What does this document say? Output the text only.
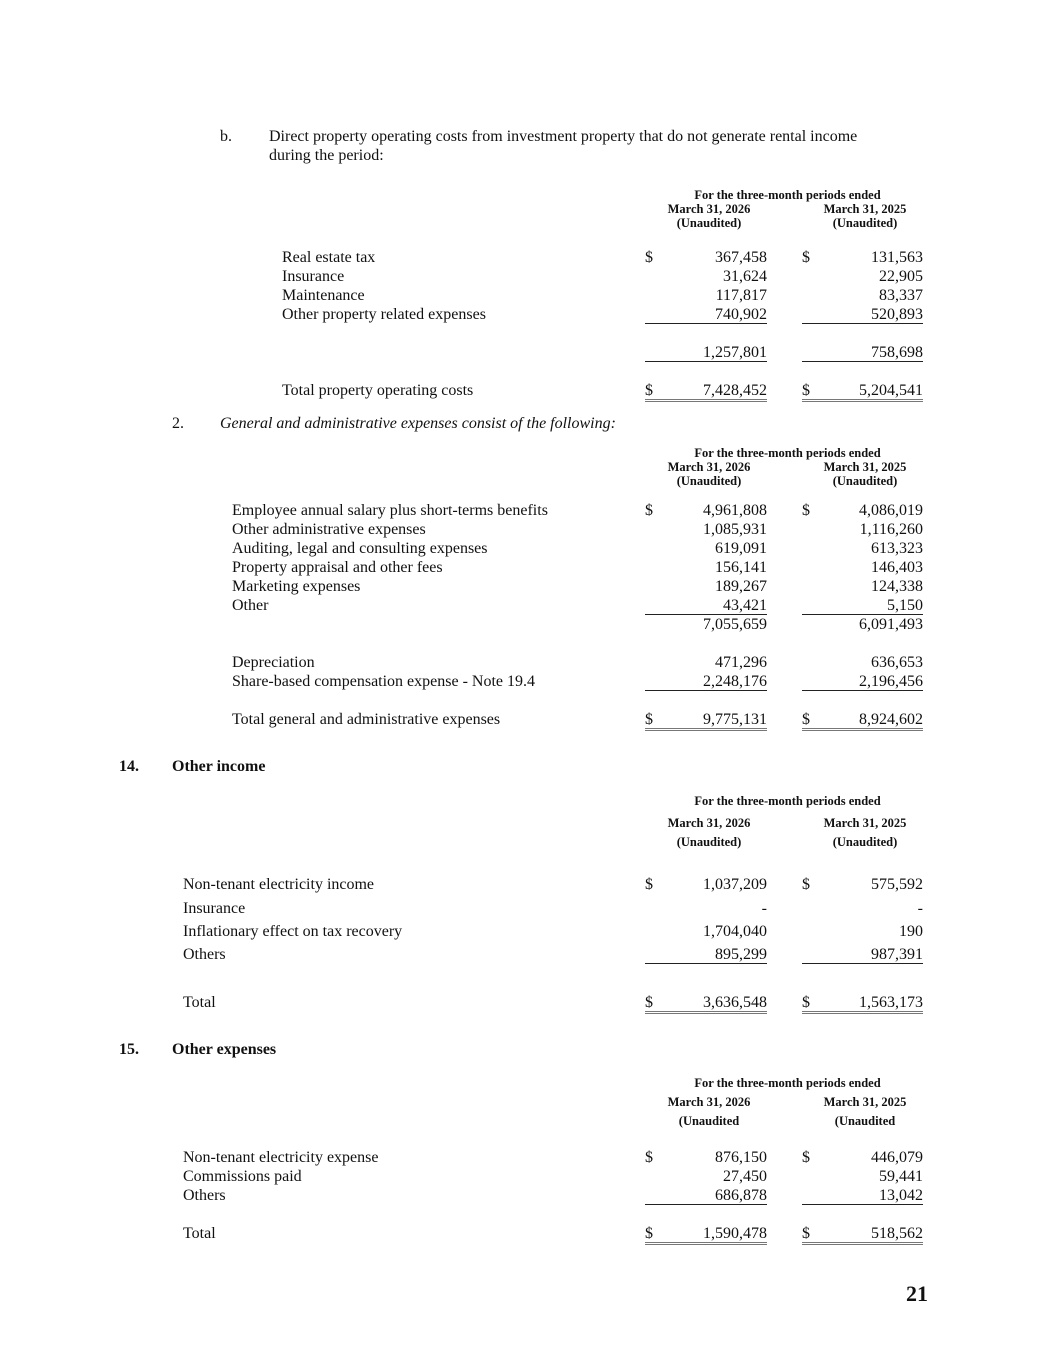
b. Direct property operating costs from investment property that do not generate rental income
during the period:
For the three-month periods ended
March 31, 2026	March 31, 2025
(Unaudited)	(Unaudited)
Real estate tax	$	367,458 $	131,563
Insurance	31,624	22,905
Maintenance	117,817	83,337
Other property related expenses	740,902	520,893
1,257,801	758,698
Total property operating costs	$	7,428,452 $	5,204,541
2. General and administrative expenses consist of the following:
For the three-month periods ended
March 31, 2026	March 31, 2025
(Unaudited)	(Unaudited)
Employee annual salary plus short-terms benefits	$	4,961,808 $	4,086,019
Other administrative expenses	1,085,931	1,116,260
Auditing, legal and consulting expenses	619,091	613,323
Property appraisal and other fees	156,141	146,403
Marketing expenses	189,267	124,338
Other	43,421	5,150
7,055,659	6,091,493
Depreciation	471,296	636,653
Share-based compensation expense - Note 19.4	2,248,176	2,196,456
Total general and administrative expenses	$	9,775,131 $	8,924,602
14. Other income
For the three-month periods ended
March 31, 2026	March 31, 2025
(Unaudited)	(Unaudited)
Non-tenant electricity income	$	1,037,209 $	575,592
Insurance	-	-
Inflationary effect on tax recovery	1,704,040	190
Others	895,299	987,391
Total	$	3,636,548 $	1,563,173
15. Other expenses
For the three-month periods ended
March 31, 2026	March 31, 2025
(Unaudited	(Unaudited
Non-tenant electricity expense	$	876,150 $	446,079
Commissions paid	27,450	59,441
Others	686,878	13,042
Total	$	1,590,478 $	518,562
21
